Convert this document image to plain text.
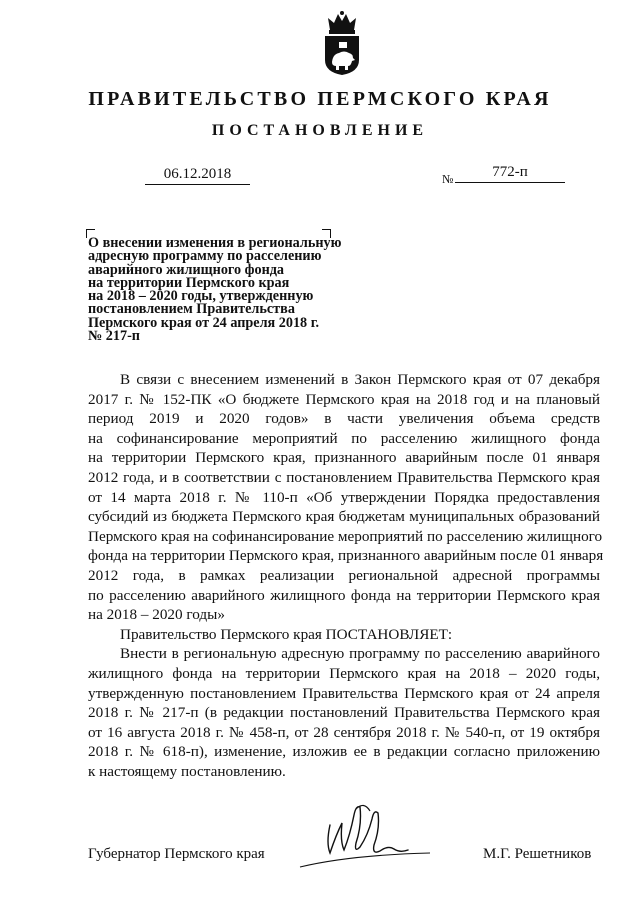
ПРАВИТЕЛЬСТВО ПЕРМСКОГО КРАЯ
ПОСТАНОВЛЕНИЕ
06.12.2018	№	772-п
О внесении изменения в региональную
адресную программу по расселению
аварийного жилищного фонда
на территории Пермского края
на 2018 – 2020 годы, утвержденную
постановлением Правительства
Пермского края от 24 апреля 2018 г.
№ 217-п
В связи с внесением изменений в Закон Пермского края от 07 декабря
2017 г. № 152-ПК «О бюджете Пермского края на 2018 год и на плановый
период 2019 и 2020 годов» в части увеличения объема средств
на софинансирование мероприятий по расселению жилищного фонда
на территории Пермского края, признанного аварийным после 01 января
2012 года, и в соответствии с постановлением Правительства Пермского края
от 14 марта 2018 г. № 110-п «Об утверждении Порядка предоставления
субсидий из бюджета Пермского края бюджетам муниципальных образований
Пермского края на софинансирование мероприятий по расселению жилищного
фонда на территории Пермского края, признанного аварийным после 01 января
2012 года, в рамках реализации региональной адресной программы
по расселению аварийного жилищного фонда на территории Пермского края
на 2018 – 2020 годы»
Правительство Пермского края ПОСТАНОВЛЯЕТ:
Внести в региональную адресную программу по расселению аварийного
жилищного фонда на территории Пермского края на 2018 – 2020 годы,
утвержденную постановлением Правительства Пермского края от 24 апреля
2018 г. № 217-п (в редакции постановлений Правительства Пермского края
от 16 августа 2018 г. № 458-п, от 28 сентября 2018 г. № 540-п, от 19 октября
2018 г. № 618-п), изменение, изложив ее в редакции согласно приложению
к настоящему постановлению.
Губернатор Пермского края	М.Г. Решетников
